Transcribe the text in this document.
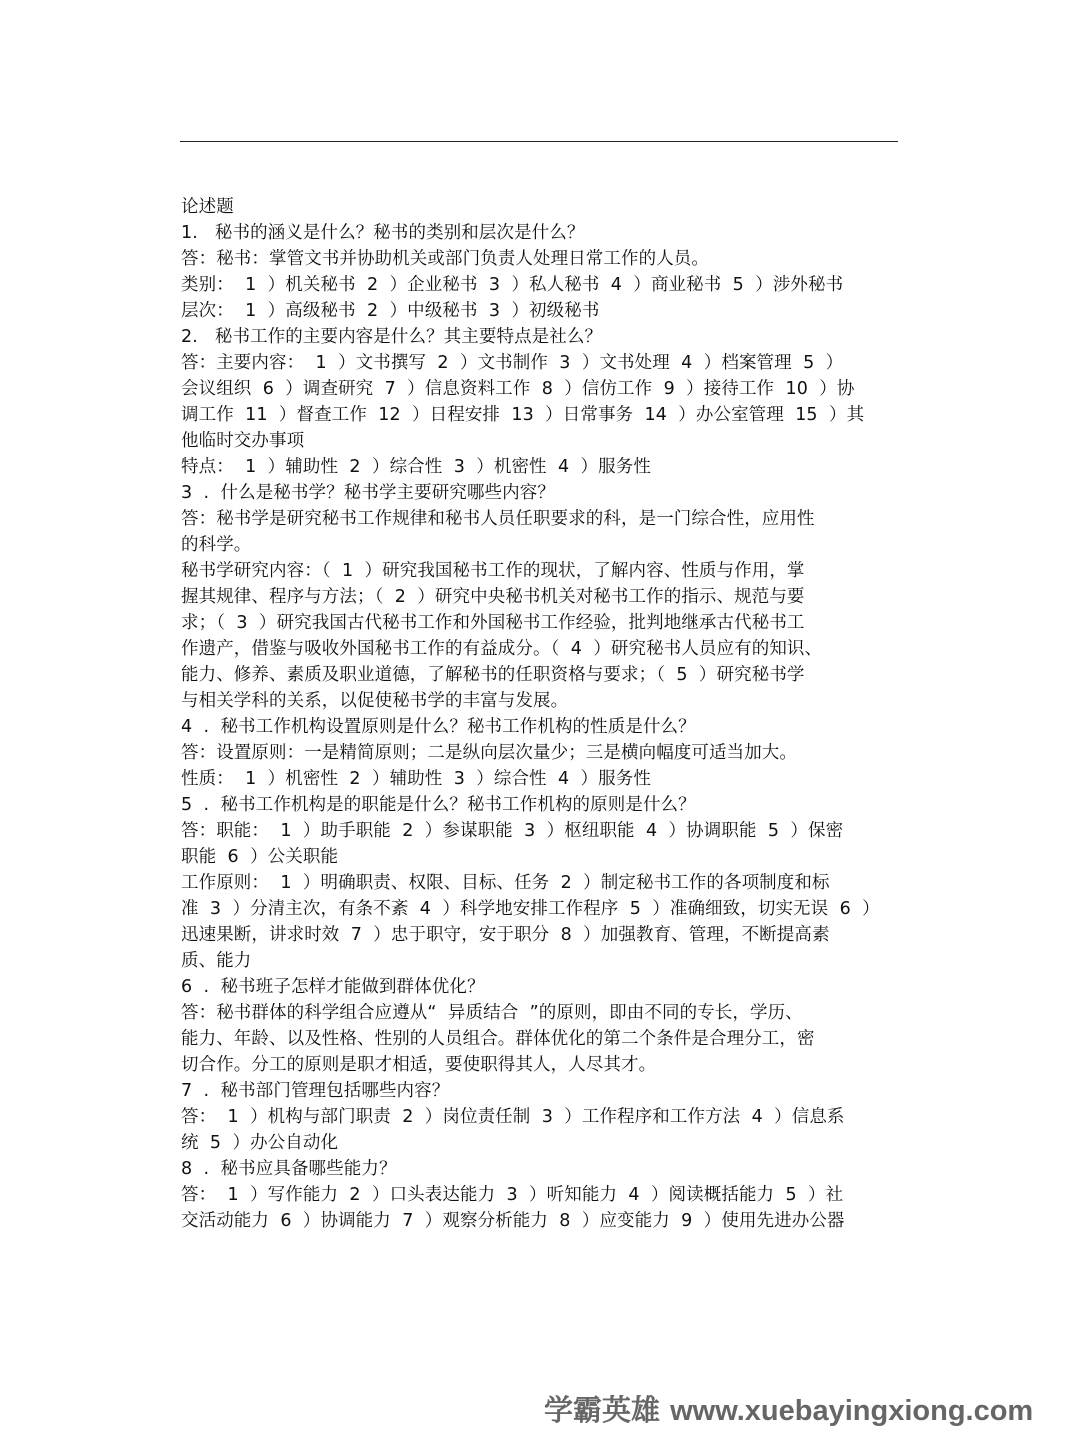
论述题
1.   秘书的涵义是什么？秘书的类别和层次是什么？
答：秘书：掌管文书并协助机关或部门负责人处理日常工作的人员。
类别：  1  ）机关秘书  2  ）企业秘书  3  ）私人秘书  4  ）商业秘书  5  ）涉外秘书
层次：  1  ）高级秘书  2  ）中级秘书  3  ）初级秘书
2.   秘书工作的主要内容是什么？其主要特点是社么？
答：主要内容：  1  ）文书撰写  2  ）文书制作  3  ）文书处理  4  ）档案管理  5  ）
会议组织  6  ）调查研究  7  ）信息资料工作  8  ）信仿工作  9  ）接待工作  10  ）协
调工作  11  ）督查工作  12  ）日程安排  13  ）日常事务  14  ）办公室管理  15  ）其
他临时交办事项
特点：  1  ）辅助性  2  ）综合性  3  ）机密性  4  ）服务性
3  .  什么是秘书学？秘书学主要研究哪些内容？
答：秘书学是研究秘书工作规律和秘书人员任职要求的科，是一门综合性，应用性
的科学。
秘书学研究内容：（  1  ）研究我国秘书工作的现状，了解内容、性质与作用，掌
握其规律、程序与方法；（  2  ）研究中央秘书机关对秘书工作的指示、规范与要
求；（  3  ）研究我国古代秘书工作和外国秘书工作经验，批判地继承古代秘书工
作遗产，借鉴与吸收外国秘书工作的有益成分。（  4  ）研究秘书人员应有的知识、
能力、修养、素质及职业道德，了解秘书的任职资格与要求；（  5  ）研究秘书学
与相关学科的关系，以促使秘书学的丰富与发展。
4  .  秘书工作机构设置原则是什么？秘书工作机构的性质是什么？
答：设置原则：一是精简原则；二是纵向层次量少；三是横向幅度可适当加大。
性质：  1  ）机密性  2  ）辅助性  3  ）综合性  4  ）服务性
5  .  秘书工作机构是的职能是什么？秘书工作机构的原则是什么？
答：职能：  1  ）助手职能  2  ）参谋职能  3  ）枢纽职能  4  ）协调职能  5  ）保密
职能  6  ）公关职能
工作原则：  1  ）明确职责、权限、目标、任务  2  ）制定秘书工作的各项制度和标
准  3  ）分清主次，有条不紊  4  ）科学地安排工作程序  5  ）准确细致，切实无误  6  ）
迅速果断，讲求时效  7  ）忠于职守，安于职分  8  ）加强教育、管理，不断提高素
质、能力
6  .  秘书班子怎样才能做到群体优化？
答：秘书群体的科学组合应遵从“  异质结合  ”的原则，即由不同的专长，学历、
能力、年龄、以及性格、性别的人员组合。群体优化的第二个条件是合理分工，密
切合作。分工的原则是职才相适，要使职得其人，人尽其才。
7  .  秘书部门管理包括哪些内容？
答：  1  ）机构与部门职责  2  ）岗位责任制  3  ）工作程序和工作方法  4  ）信息系
统  5  ）办公自动化
8  .  秘书应具备哪些能力？
答：  1  ）写作能力  2  ）口头表达能力  3  ）听知能力  4  ）阅读概括能力  5  ）社
交活动能力  6  ）协调能力  7  ）观察分析能力  8  ）应变能力  9  ）使用先进办公器
学霸英雄 www.xuebayingxiong.com
